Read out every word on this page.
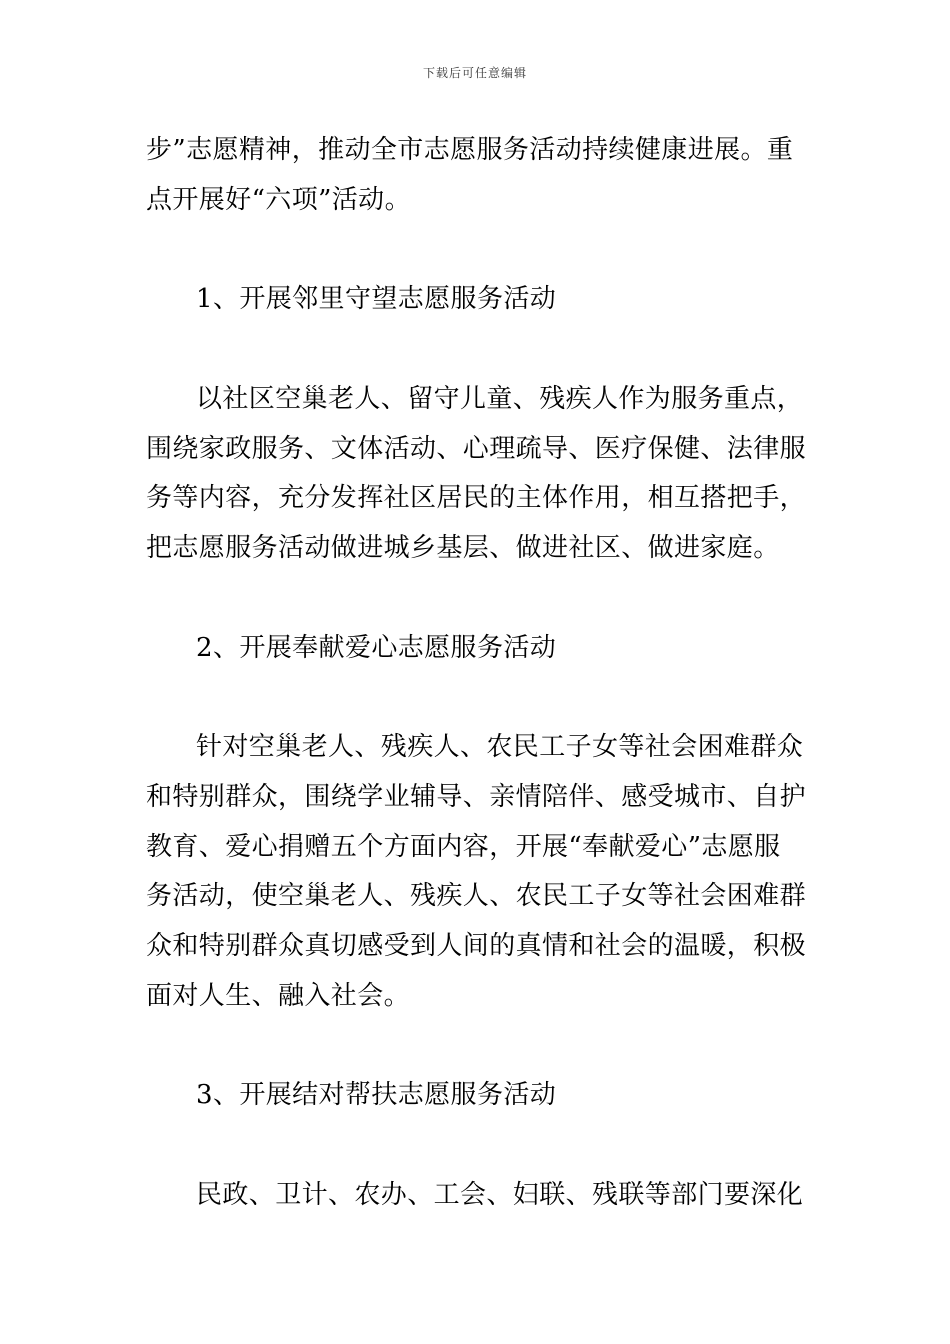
下载后可任意编辑
步”志愿精神，推动全市志愿服务活动持续健康进展。重
点开展好“六项”活动。
1、开展邻里守望志愿服务活动
以社区空巢老人、留守儿童、残疾人作为服务重点，
围绕家政服务、文体活动、心理疏导、医疗保健、法律服
务等内容，充分发挥社区居民的主体作用，相互搭把手，
把志愿服务活动做进城乡基层、做进社区、做进家庭。
2、开展奉献爱心志愿服务活动
针对空巢老人、残疾人、农民工子女等社会困难群众
和特别群众，围绕学业辅导、亲情陪伴、感受城市、自护
教育、爱心捐赠五个方面内容，开展“奉献爱心”志愿服
务活动，使空巢老人、残疾人、农民工子女等社会困难群
众和特别群众真切感受到人间的真情和社会的温暖，积极
面对人生、融入社会。
3、开展结对帮扶志愿服务活动
民政、卫计、农办、工会、妇联、残联等部门要深化
